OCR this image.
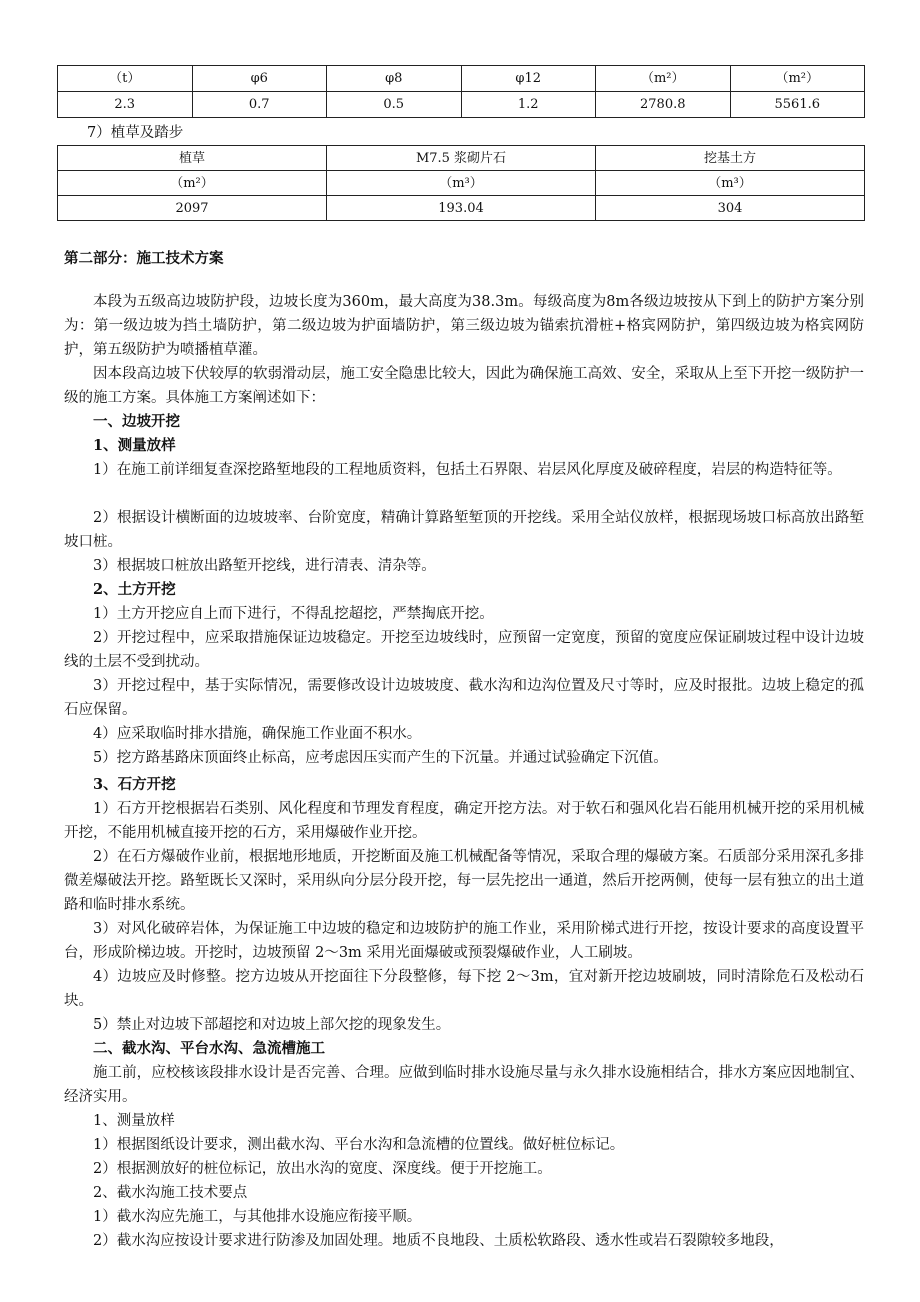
（t）	φ6	φ8	φ12	（m²）	（m²）
2.3	0.7	0.5	1.2	2780.8	5561.6
7）植草及踏步
植草	M7.5 浆砌片石	挖基土方
（m²）	（m³）	（m³）
2097	193.04	304
第二部分：施工技术方案
本段为五级高边坡防护段，边坡长度为360m，最大高度为38.3m。每级高度为8m各级边坡按从下到上的防护方案分别为：第一级边坡为挡土墙防护，第二级边坡为护面墙防护，第三级边坡为锚索抗滑桩+格宾网防护，第四级边坡为格宾网防护，第五级防护为喷播植草灌。
因本段高边坡下伏较厚的软弱滑动层，施工安全隐患比较大，因此为确保施工高效、安全，采取从上至下开挖一级防护一级的施工方案。具体施工方案阐述如下：
一、边坡开挖
1、测量放样
1）在施工前详细复查深挖路堑地段的工程地质资料，包括土石界限、岩层风化厚度及破碎程度，岩层的构造特征等。
2）根据设计横断面的边坡坡率、台阶宽度，精确计算路堑堑顶的开挖线。采用全站仪放样，根据现场坡口标高放出路堑坡口桩。
3）根据坡口桩放出路堑开挖线，进行清表、清杂等。
2、土方开挖
1）土方开挖应自上而下进行，不得乱挖超挖，严禁掏底开挖。
2）开挖过程中，应采取措施保证边坡稳定。开挖至边坡线时，应预留一定宽度，预留的宽度应保证刷坡过程中设计边坡线的土层不受到扰动。
3）开挖过程中，基于实际情况，需要修改设计边坡坡度、截水沟和边沟位置及尺寸等时，应及时报批。边坡上稳定的孤石应保留。
4）应采取临时排水措施，确保施工作业面不积水。
5）挖方路基路床顶面终止标高，应考虑因压实而产生的下沉量。并通过试验确定下沉值。
3、石方开挖
1）石方开挖根据岩石类别、风化程度和节理发育程度，确定开挖方法。对于软石和强风化岩石能用机械开挖的采用机械开挖，不能用机械直接开挖的石方，采用爆破作业开挖。
2）在石方爆破作业前，根据地形地质，开挖断面及施工机械配备等情况，采取合理的爆破方案。石质部分采用深孔多排微差爆破法开挖。路堑既长又深时，采用纵向分层分段开挖，每一层先挖出一通道，然后开挖两侧，使每一层有独立的出土道路和临时排水系统。
3）对风化破碎岩体，为保证施工中边坡的稳定和边坡防护的施工作业，采用阶梯式进行开挖，按设计要求的高度设置平台，形成阶梯边坡。开挖时，边坡预留 2～3m 采用光面爆破或预裂爆破作业，人工刷坡。
4）边坡应及时修整。挖方边坡从开挖面往下分段整修，每下挖 2～3m，宜对新开挖边坡刷坡，同时清除危石及松动石块。
5）禁止对边坡下部超挖和对边坡上部欠挖的现象发生。
二、截水沟、平台水沟、急流槽施工
施工前，应校核该段排水设计是否完善、合理。应做到临时排水设施尽量与永久排水设施相结合，排水方案应因地制宜、经济实用。
1、测量放样
1）根据图纸设计要求，测出截水沟、平台水沟和急流槽的位置线。做好桩位标记。
2）根据测放好的桩位标记，放出水沟的宽度、深度线。便于开挖施工。
2、截水沟施工技术要点
1）截水沟应先施工，与其他排水设施应衔接平顺。
2）截水沟应按设计要求进行防渗及加固处理。地质不良地段、土质松软路段、透水性或岩石裂隙较多地段，
